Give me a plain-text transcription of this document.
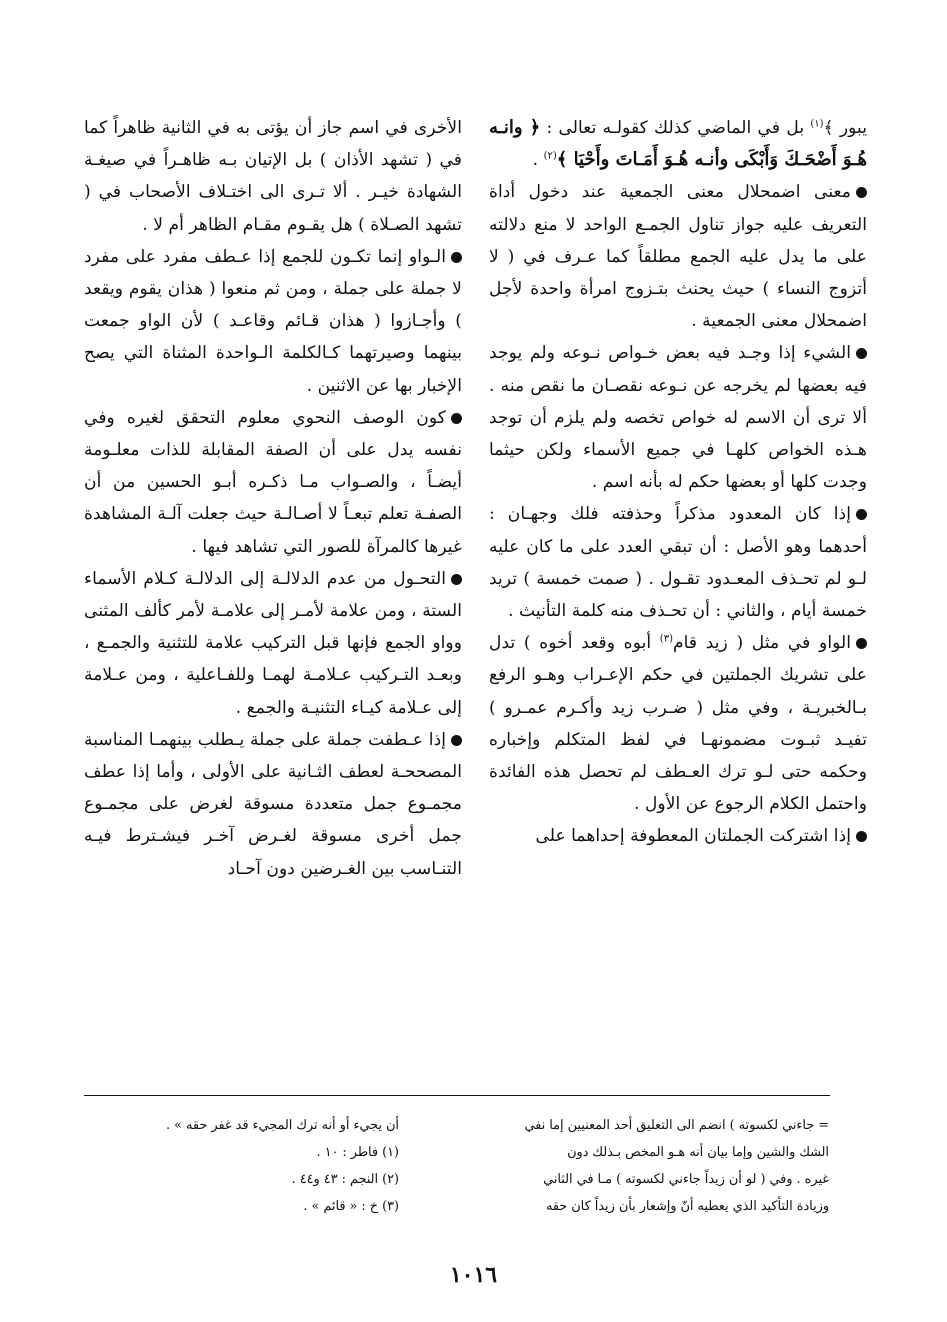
يبور ﴾$^{(١)}$ بل في الماضي كذلك كقولـه تعالى : ﴿ وانـه هُـوَ أَضْحَـكَ وَأَبْكَى وأنـه هُـوَ أَمَـاتَ وأَحْيَا ﴾$^{(٢)}$ .

معنى اضمحلال معنى الجمعية عند دخول أداة التعريف عليه جواز تناول الجمـع الواحد لا منع دلالته على ما يدل عليه الجمع مطلقاً كما عـرف في ( لا أتزوج النساء ) حيث يحنث بتـزوج امرأة واحدة لأجل اضمحلال معنى الجمعية .

الشيء إذا وجـد فيه بعض خـواص نـوعه ولم يوجد فيه بعضها لم يخرجه عن نـوعه نقصـان ما نقص منه . ألا ترى أن الاسم له خواص تخصه ولم يلزم أن توجد هـذه الخواص كلهـا في جميع الأسماء ولكن حيثما وجدت كلها أو بعضها حكم له بأنه اسم .

إذا كان المعدود مذكراً وحذفته فلك وجهـان : أحدهما وهو الأصل : أن تبقي العدد على ما كان عليه لـو لم تحـذف المعـدود تقـول . ( صمت خمسة ) تريد خمسة أيام ، والثاني : أن تحـذف منه كلمة التأنيث .

الواو في مثل ( زيد قام$^{(٣)}$ أبوه وقعد أخوه ) تدل على تشريك الجملتين في حكم الإعـراب وهـو الرفع بـالخبريـة ، وفي مثل ( ضـرب زيد وأكـرم عمـرو ) تفيـد ثبـوت مضمونهـا في لفظ المتكلم وإخباره وحكمه حتى لـو ترك العـطف لم تحصل هذه الفائدة واحتمل الكلام الرجوع عن الأول .

إذا اشتركت الجملتان المعطوفة إحداهما على

الأخرى في اسم جاز أن يؤتى به في الثانية ظاهراً كما في ( تشهد الأذان ) بل الإتيان بـه ظاهـراً في صيغـة الشهادة خيـر . ألا تـرى الى اختـلاف الأصحاب في ( تشهد الصـلاة ) هل يقـوم مقـام الظاهر أم لا .

الـواو إنما تكـون للجمع إذا عـطف مفرد على مفرد لا جملة على جملة ، ومن ثم منعوا ( هذان يقوم ويقعد ) وأجـازوا ( هذان قـائم وقاعـد ) لأن الواو جمعت بينهما وصيرتهما كـالكلمة الـواحدة المثناة التي يصح الإخبار بها عن الاثنين .

كون الوصف النحوي معلوم التحقق لغيره وفي نفسه يدل على أن الصفة المقابلة للذات معلـومة أيضـاً ، والصـواب مـا ذكـره أبـو الحسين من أن الصفـة تعلم تبعـاً لا أصـالـة حيث جعلت آلـة المشاهدة غيرها كالمرآة للصور التي تشاهد فيها .

التحـول من عدم الدلالـة إلى الدلالـة كـلام الأسماء الستة ، ومن علامة لأمـر إلى علامـة لأمر كألف المثنى وواو الجمع فإنها قبل التركيب علامة للتثنية والجمـع ، وبعـد التـركيب عـلامـة لهمـا وللفـاعلية ، ومن عـلامة إلى عـلامة كيـاء التثنيـة والجمع .

إذا عـطفت جملة على جملة يـطلب بينهمـا المناسبة المصححـة لعطف الثـانية على الأولى ، وأما إذا عطف مجمـوع جمل متعددة مسوقة لغرض على مجمـوع جمل أخرى مسوقة لغـرض آخـر فيشـترط فيـه التنـاسب بين الغـرضين دون آحـاد

= جاءني لكسوته ) انضم الى التعليق أحد المعنيين إما نفي
الشك والشين وإما بيان أنه هـو المخص بـذلك دون
غيره . وفي ( لو أن زيداً جاءني لكسوته ) مـا في الثاني
وزيادة التأكيد الذي يعطيه أنّ وإشعار بأن زيداً كان حقه
أن يجيء أو أنه ترك المجيء قد غفر حقه » .
(١) فاطر : ١٠ .
(٢) النجم : ٤٣ و٤٤ .
(٣) خ : « قائم » .
١٠١٦
